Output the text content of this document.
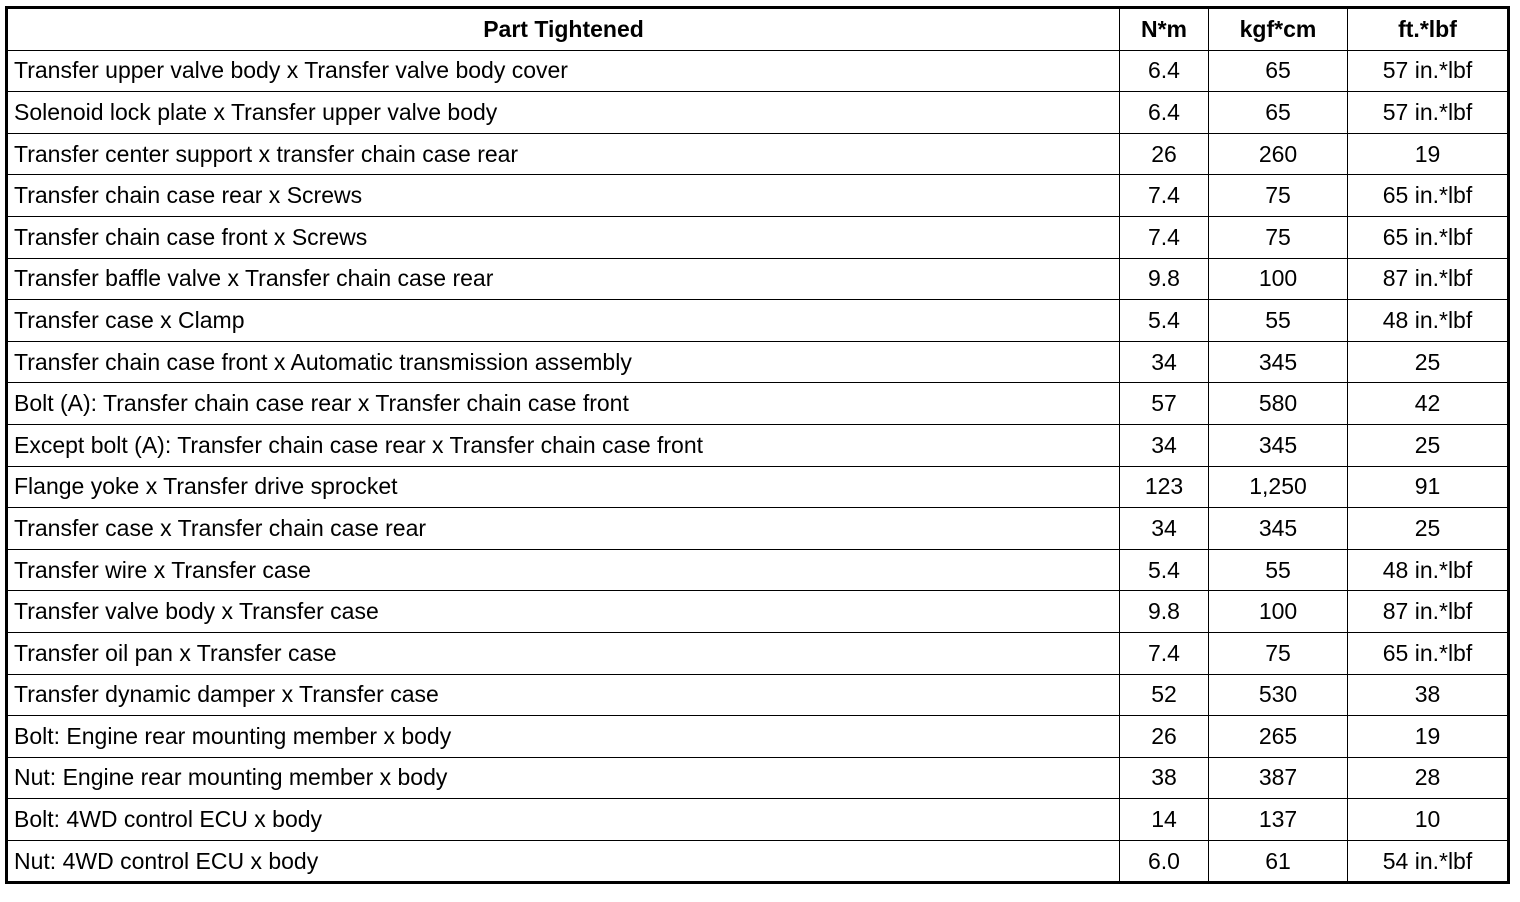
Part Tightened	N*m	kgf*cm	ft.*lbf
Transfer upper valve body x Transfer valve body cover	6.4	65	57 in.*lbf
Solenoid lock plate x Transfer upper valve body	6.4	65	57 in.*lbf
Transfer center support x transfer chain case rear	26	260	19
Transfer chain case rear x Screws	7.4	75	65 in.*lbf
Transfer chain case front x Screws	7.4	75	65 in.*lbf
Transfer baffle valve x Transfer chain case rear	9.8	100	87 in.*lbf
Transfer case x Clamp	5.4	55	48 in.*lbf
Transfer chain case front x Automatic transmission assembly	34	345	25
Bolt (A): Transfer chain case rear x Transfer chain case front	57	580	42
Except bolt (A): Transfer chain case rear x Transfer chain case front	34	345	25
Flange yoke x Transfer drive sprocket	123	1,250	91
Transfer case x Transfer chain case rear	34	345	25
Transfer wire x Transfer case	5.4	55	48 in.*lbf
Transfer valve body x Transfer case	9.8	100	87 in.*lbf
Transfer oil pan x Transfer case	7.4	75	65 in.*lbf
Transfer dynamic damper x Transfer case	52	530	38
Bolt: Engine rear mounting member x body	26	265	19
Nut: Engine rear mounting member x body	38	387	28
Bolt: 4WD control ECU x body	14	137	10
Nut: 4WD control ECU x body	6.0	61	54 in.*lbf
